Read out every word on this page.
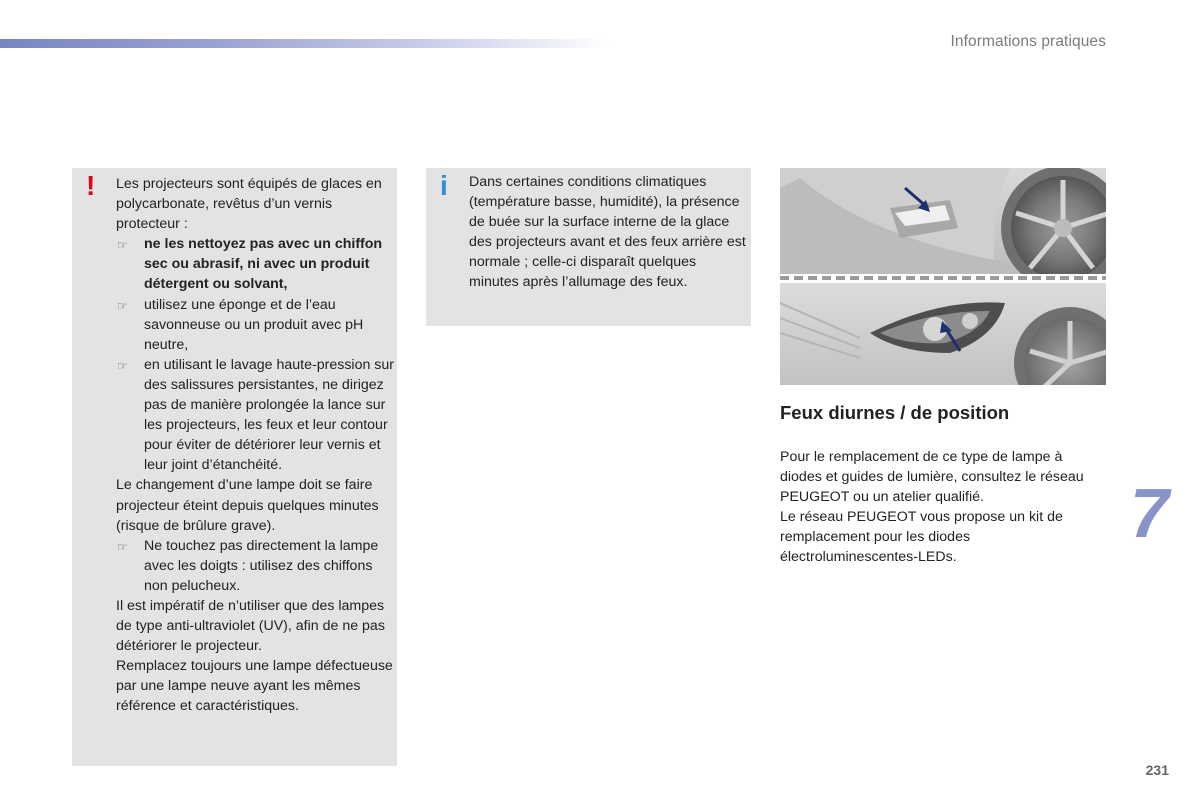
Informations pratiques
! Les projecteurs sont équipés de glaces en polycarbonate, revêtus d’un vernis protecteur :

☞ ne les nettoyez pas avec un chiffon sec ou abrasif, ni avec un produit détergent ou solvant,
☞ utilisez une éponge et de l’eau savonneuse ou un produit avec pH neutre,
☞ en utilisant le lavage haute-pression sur des salissures persistantes, ne dirigez pas de manière prolongée la lance sur les projecteurs, les feux et leur contour pour éviter de détériorer leur vernis et leur joint d’étanchéité.

Le changement d’une lampe doit se faire projecteur éteint depuis quelques minutes (risque de brûlure grave).

☞ Ne touchez pas directement la lampe avec les doigts : utilisez des chiffons non pelucheux.

Il est impératif de n’utiliser que des lampes de type anti-ultraviolet (UV), afin de ne pas détériorer le projecteur.

Remplacez toujours une lampe défectueuse par une lampe neuve ayant les mêmes référence et caractéristiques.

i Dans certaines conditions climatiques (température basse, humidité), la présence de buée sur la surface interne de la glace des projecteurs avant et des feux arrière est normale ; celle-ci disparaît quelques minutes après l’allumage des feux.
Feux diurnes / de position

Pour le remplacement de ce type de lampe à diodes et guides de lumière, consultez le réseau PEUGEOT ou un atelier qualifié.

Le réseau PEUGEOT vous propose un kit de remplacement pour les diodes électroluminescentes-LEDs.

7
231
